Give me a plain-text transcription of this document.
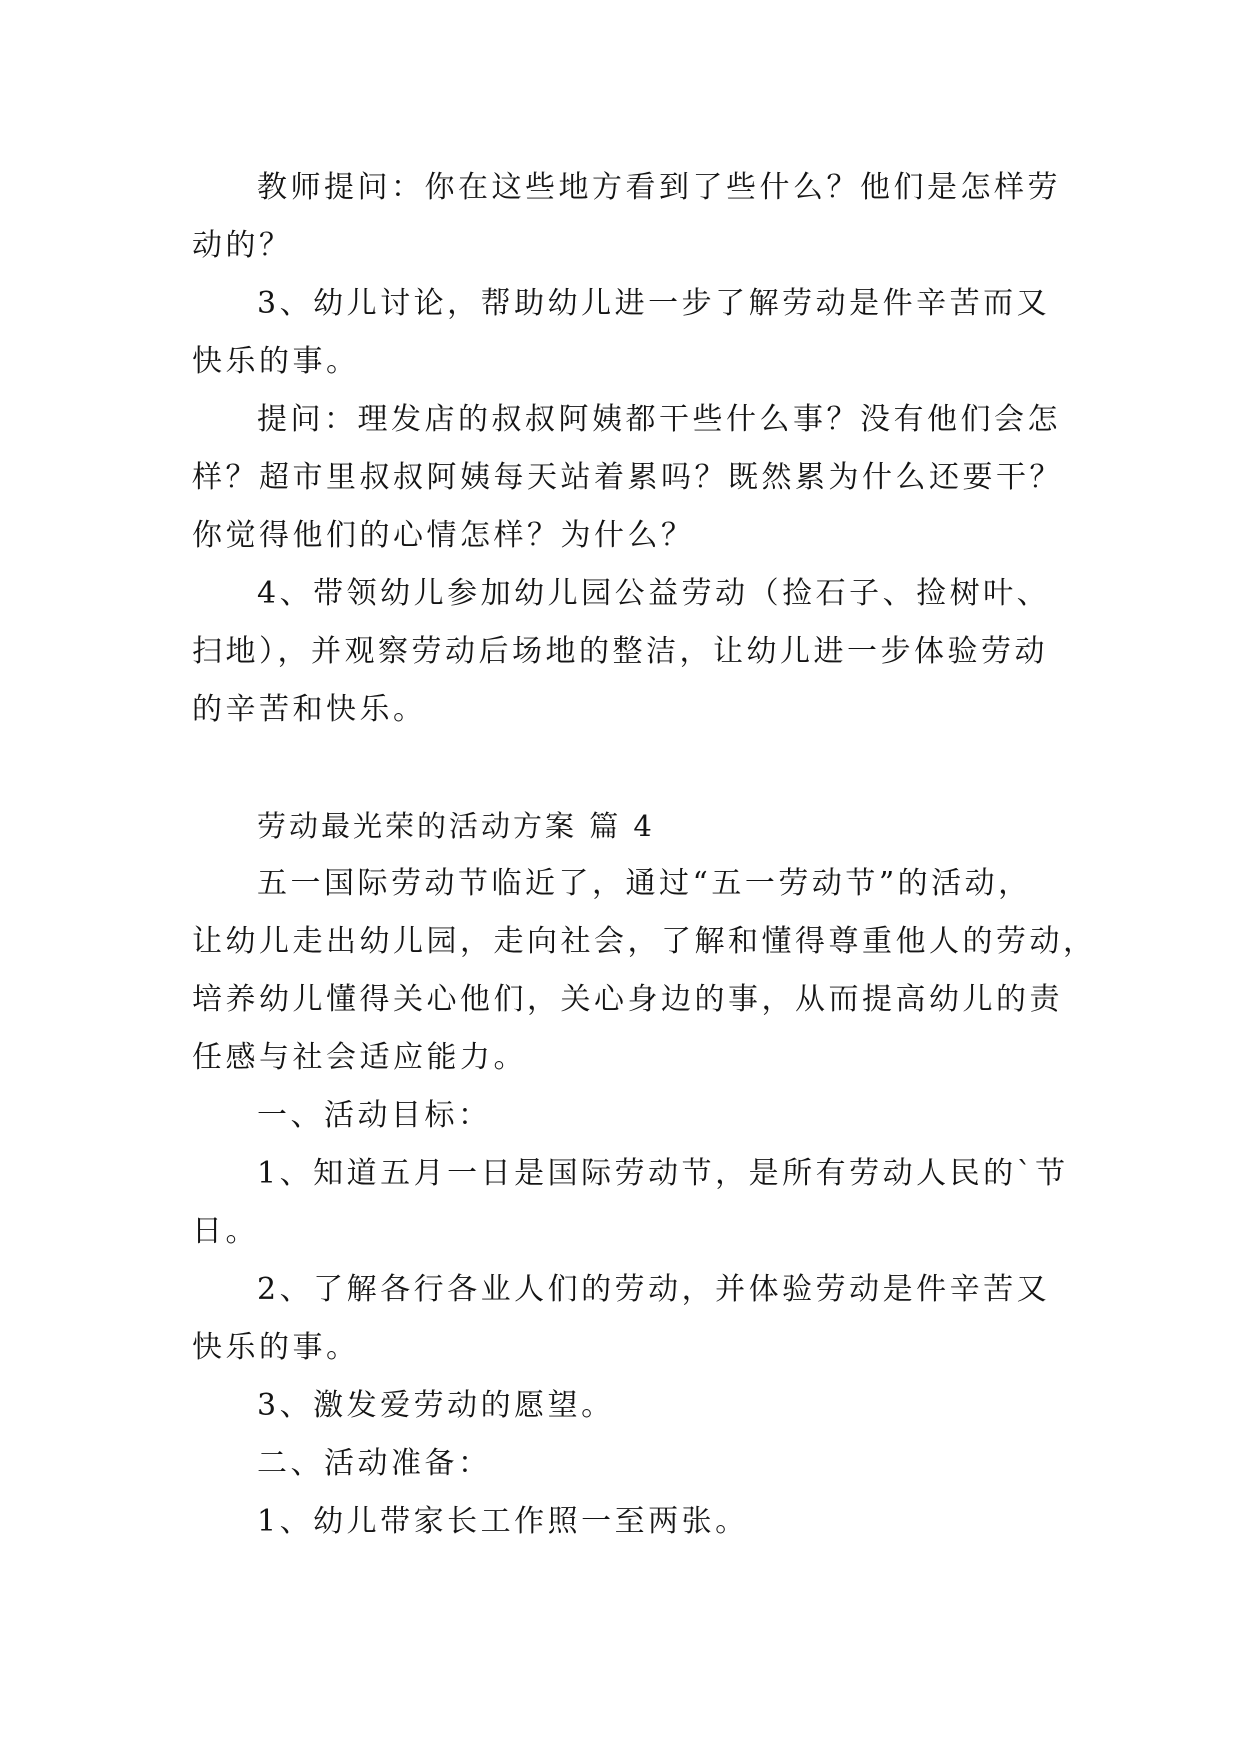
教师提问：你在这些地方看到了些什么？他们是怎样劳
动的？
3、幼儿讨论，帮助幼儿进一步了解劳动是件辛苦而又
快乐的事。
提问：理发店的叔叔阿姨都干些什么事？没有他们会怎
样？超市里叔叔阿姨每天站着累吗？既然累为什么还要干？
你觉得他们的心情怎样？为什么？
4、带领幼儿参加幼儿园公益劳动（捡石子、捡树叶、
扫地），并观察劳动后场地的整洁，让幼儿进一步体验劳动
的辛苦和快乐。
劳动最光荣的活动方案 篇 4
五一国际劳动节临近了，通过“五一劳动节”的活动，
让幼儿走出幼儿园，走向社会，了解和懂得尊重他人的劳动，
培养幼儿懂得关心他们，关心身边的事，从而提高幼儿的责
任感与社会适应能力。
一、活动目标：
1、知道五月一日是国际劳动节，是所有劳动人民的`节
日。
2、了解各行各业人们的劳动，并体验劳动是件辛苦又
快乐的事。
3、激发爱劳动的愿望。
二、活动准备：
1、幼儿带家长工作照一至两张。
